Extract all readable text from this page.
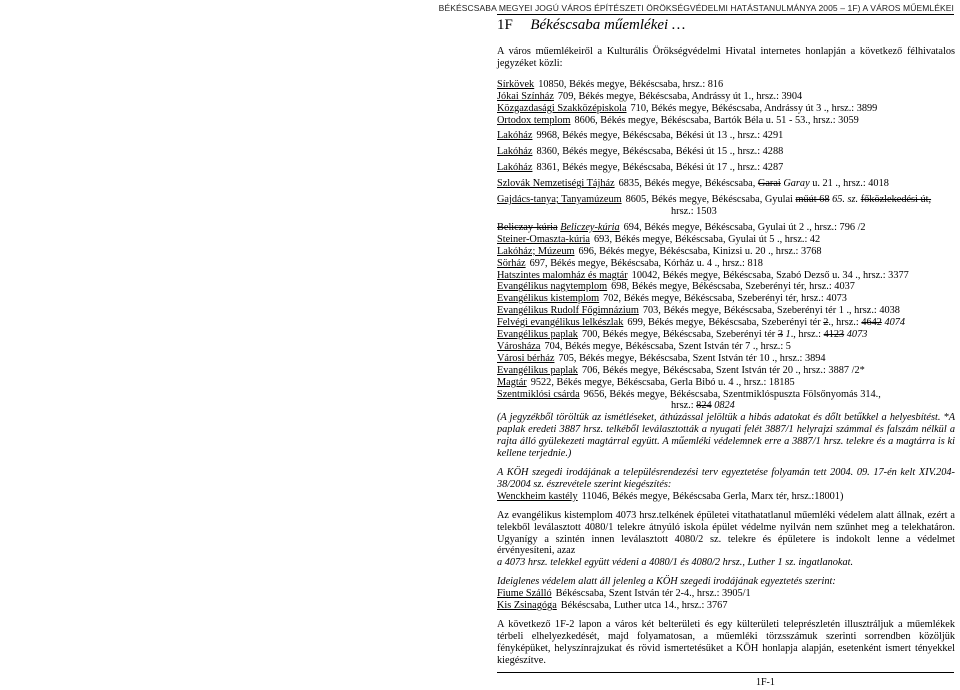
BÉKÉSCSABA MEGYEI JOGÚ VÁROS ÉPÍTÉSZETI ÖRÖKSÉGVÉDELMI HATÁSTANULMÁNYA 2005 – 1F) A VÁROS MŰEMLÉKEI
1F Békéscsaba műemlékei …

A város műemlékeiről a Kulturális Örökségvédelmi Hivatal internetes honlapján a következő félhivatalos jegyzéket közli:

Sírkövek 10850, Békés megye, Békéscsaba, hrsz.: 816

Jókai Színház 709, Békés megye, Békéscsaba, Andrássy út 1., hrsz.: 3904

Közgazdasági Szakközépiskola 710, Békés megye, Békéscsaba, Andrássy út 3 ., hrsz.: 3899

Ortodox templom 8606, Békés megye, Békéscsaba, Bartók Béla u. 51 - 53., hrsz.: 3059

Lakóház 9968, Békés megye, Békéscsaba, Békési út 13 ., hrsz.: 4291

Lakóház 8360, Békés megye, Békéscsaba, Békési út 15 ., hrsz.: 4288

Lakóház 8361, Békés megye, Békéscsaba, Békési út 17 ., hrsz.: 4287

Szlovák Nemzetiségi Tájház 6835, Békés megye, Békéscsaba, Garai Garay u. 21 ., hrsz.: 4018

Gajdács-tanya; Tanyamúzeum 8605, Békés megye, Békéscsaba, Gyulai műút 68 65. sz. főközlekedési út,

hrsz.: 1503

Beliczay-kúria Beliczey-kúria 694, Békés megye, Békéscsaba, Gyulai út 2 ., hrsz.: 796 /2

Steiner-Omaszta-kúria 693, Békés megye, Békéscsaba, Gyulai út 5 ., hrsz.: 42

Lakóház; Múzeum 696, Békés megye, Békéscsaba, Kinizsi u. 20 ., hrsz.: 3768

Sörház 697, Békés megye, Békéscsaba, Kórház u. 4 ., hrsz.: 818

Hatszintes malomház és magtár 10042, Békés megye, Békéscsaba, Szabó Dezső u. 34 ., hrsz.: 3377

Evangélikus nagytemplom 698, Békés megye, Békéscsaba, Szeberényi tér, hrsz.: 4037

Evangélikus kistemplom 702, Békés megye, Békéscsaba, Szeberényi tér, hrsz.: 4073

Evangélikus Rudolf Főgimnázium 703, Békés megye, Békéscsaba, Szeberényi tér 1 ., hrsz.: 4038

Felvégi evangélikus lelkészlak 699, Békés megye, Békéscsaba, Szeberényi tér 2., hrsz.: 4642 4074

Evangélikus paplak 700, Békés megye, Békéscsaba, Szeberényi tér 3 1., hrsz.: 4123 4073

Városháza 704, Békés megye, Békéscsaba, Szent István tér 7 ., hrsz.: 5

Városi bérház 705, Békés megye, Békéscsaba, Szent István tér 10 ., hrsz.: 3894

Evangélikus paplak 706, Békés megye, Békéscsaba, Szent István tér 20 ., hrsz.: 3887 /2*

Magtár 9522, Békés megye, Békéscsaba, Gerla Bibó u. 4 ., hrsz.: 18185

Szentmiklósi csárda 9656, Békés megye, Békéscsaba, Szentmiklóspuszta Fölsőnyomás 314.,

hrsz.: 824 0824

(A jegyzékből töröltük az ismétléseket, áthúzással jelöltük a hibás adatokat és dőlt betűkkel a helyesbítést. *A paplak eredeti 3887 hrsz. telkéből leválasztották a nyugati felét 3887/1 helyrajzi számmal és falszám nélkül a rajta álló gyülekezeti magtárral együtt. A műemléki védelemnek erre a 3887/1 hrsz. telekre és a magtárra is ki kellene terjednie.)

A KÖH szegedi irodájának a településrendezési terv egyeztetése folyamán tett 2004. 09. 17-én kelt XIV.204-38/2004 sz. észrevétele szerint kiegészítés:

Wenckheim kastély 11046, Békés megye, Békéscsaba Gerla, Marx tér, hrsz.:18001)

Az evangélikus kistemplom 4073 hrsz.telkének épületei vitathatatlanul műemléki védelem alatt állnak, ezért a telekből leválasztott 4080/1 telekre átnyúló iskola épület védelme nyilván nem szűnhet meg a telekhatáron. Ugyanígy a szintén innen leválasztott 4080/2 sz. telekre és épületere is indokolt lenne a védelmet érvényesíteni, azaz

a 4073 hrsz. telekkel együtt védeni a 4080/1 és 4080/2 hrsz., Luther 1 sz. ingatlanokat.

Ideiglenes védelem alatt áll jelenleg a KÖH szegedi irodájának egyeztetés szerint:

Fiume Szálló Békéscsaba, Szent István tér 2-4., hrsz.: 3905/1

Kis Zsinagóga Békéscsaba, Luther utca 14., hrsz.: 3767

A következő 1F-2 lapon a város két belterületi és egy külterületi teleprészletén illusztráljuk a műemlékek térbeli elhelyezkedését, majd folyamatosan, a műemléki törzsszámuk szerinti sorrendben közöljük fényképüket, helyszínrajzukat és rövid ismertetésüket a KÖH honlapja alapján, esetenként ismert tényekkel kiegészítve.

1F-1
